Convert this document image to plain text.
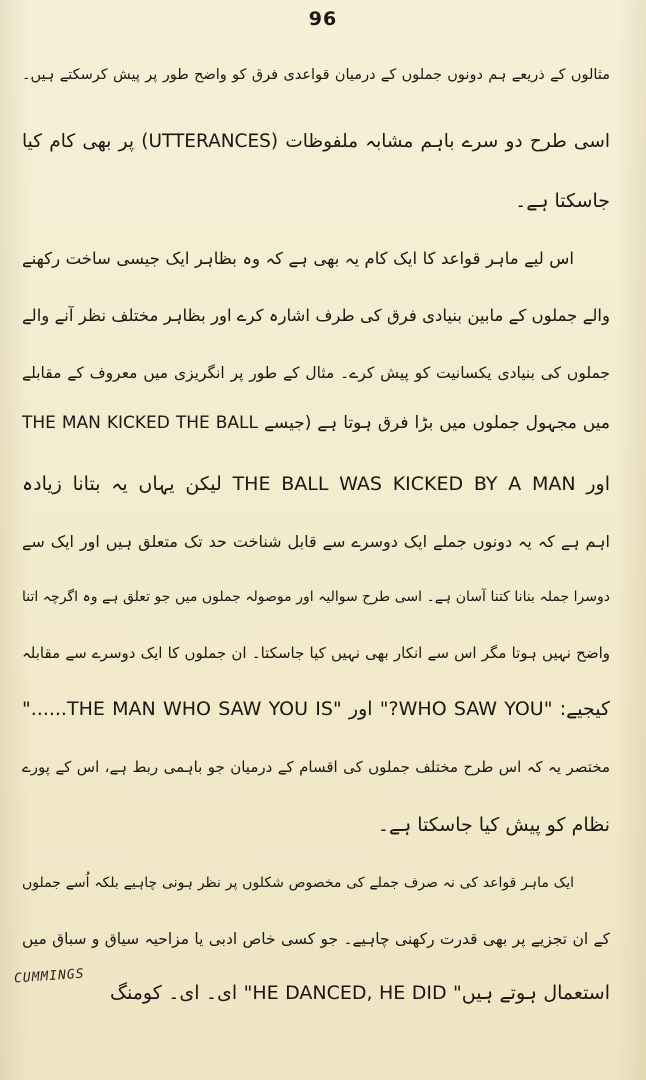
96
مثالوں کے ذریعے ہم دونوں جملوں کے درمیان قواعدی فرق کو واضح طور پر پیش کرسکتے ہیں۔
اسی طرح دو سرے باہم مشابہ ملفوظات (UTTERANCES) پر بھی کام کیا
جاسکتا ہے۔
اس لیے ماہر قواعد کا ایک کام یہ بھی ہے کہ وہ بظاہر ایک جیسی ساخت رکھنے
والے جملوں کے مابین بنیادی فرق کی طرف اشارہ کرے اور بظاہر مختلف نظر آنے والے
جملوں کی بنیادی یکسانیت کو پیش کرے۔ مثال کے طور پر انگریزی میں معروف کے مقابلے
میں مجہول جملوں میں بڑا فرق ہوتا ہے (جیسے THE MAN KICKED THE BALL
اور THE BALL WAS KICKED BY A MAN لیکن یہاں یہ بتانا زیادہ
اہم ہے کہ یہ دونوں جملے ایک دوسرے سے قابل شناخت حد تک متعلق ہیں اور ایک سے
دوسرا جملہ بنانا کتنا آسان ہے۔ اسی طرح سوالیہ اور موصولہ جملوں میں جو تعلق ہے وہ اگرچہ اتنا
واضح نہیں ہوتا مگر اس سے انکار بھی نہیں کیا جاسکتا۔ ان جملوں کا ایک دوسرے سے مقابلہ
کیجیے: "WHO SAW YOU?" اور "THE MAN WHO SAW YOU IS......"
مختصر یہ کہ اس طرح مختلف جملوں کی اقسام کے درمیان جو باہمی ربط ہے، اس کے پورے
نظام کو پیش کیا جاسکتا ہے۔
ایک ماہر قواعد کی نہ صرف جملے کی مخصوص شکلوں پر نظر ہونی چاہیے بلکہ اُسے جملوں
کے ان تجزیے پر بھی قدرت رکھنی چاہیے۔ جو کسی خاص ادبی یا مزاحیہ سیاق و سباق میں
استعمال ہوتے ہیں" HE DANCED, HE DID" ای۔ ای۔ کومنگ
CUMMINGS
